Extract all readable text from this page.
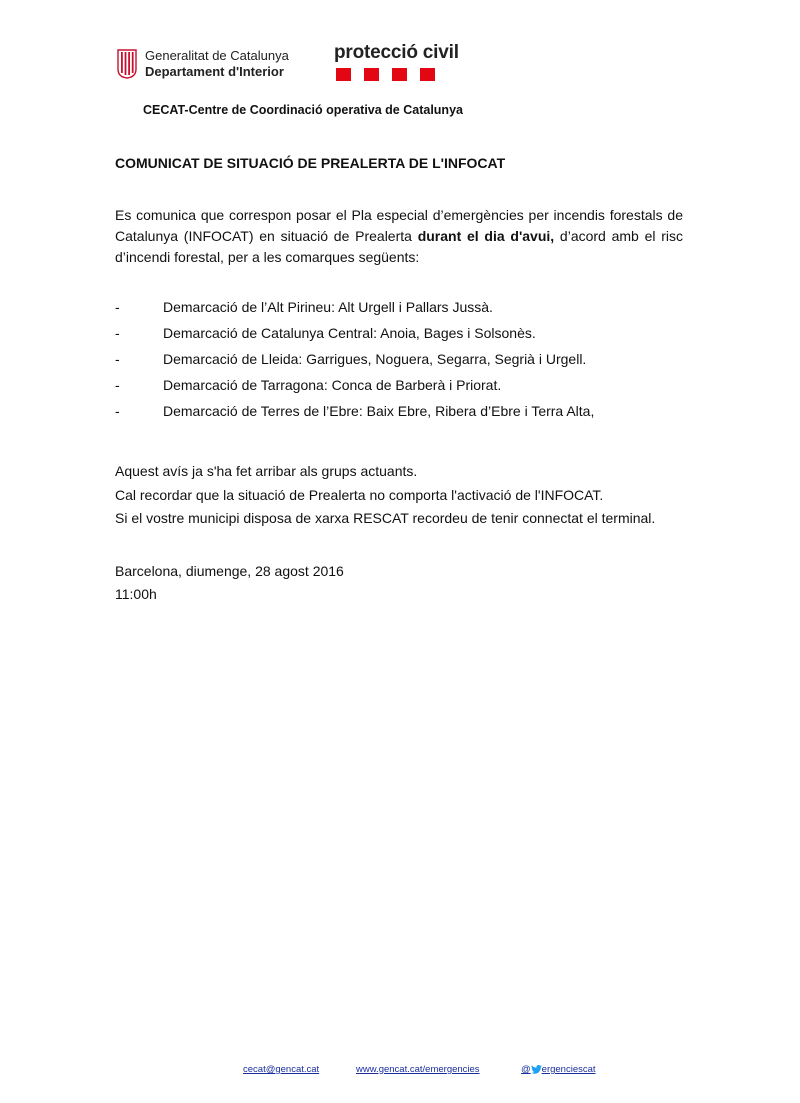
Generalitat de Catalunya
Departament d'Interior
protecció civil
CECAT-Centre de Coordinació operativa de Catalunya
COMUNICAT DE SITUACIÓ DE PREALERTA DE L'INFOCAT

Es comunica que correspon posar el Pla especial d’emergències per incendis forestals de Catalunya (INFOCAT) en situació de Prealerta durant el dia d'avui, d’acord amb el risc d’incendi forestal, per a les comarques següents:

-	Demarcació de l’Alt Pirineu: Alt Urgell i Pallars Jussà.
-	Demarcació de Catalunya Central: Anoia, Bages i Solsonès.
-	Demarcació de Lleida: Garrigues, Noguera, Segarra, Segrià i Urgell.
-	Demarcació de Tarragona: Conca de Barberà i Priorat.
-	Demarcació de Terres de l’Ebre: Baix Ebre, Ribera d’Ebre i Terra Alta,
Aquest avís ja s'ha fet arribar als grups actuants.
Cal recordar que la situació de Prealerta no comporta l'activació de l'INFOCAT.
Si el vostre municipi disposa de xarxa RESCAT recordeu de tenir connectat el terminal.
Barcelona, diumenge, 28 agost 2016
11:00h
cecat@gencat.cat	www.gencat.cat/emergencies	@ ergenciescat
